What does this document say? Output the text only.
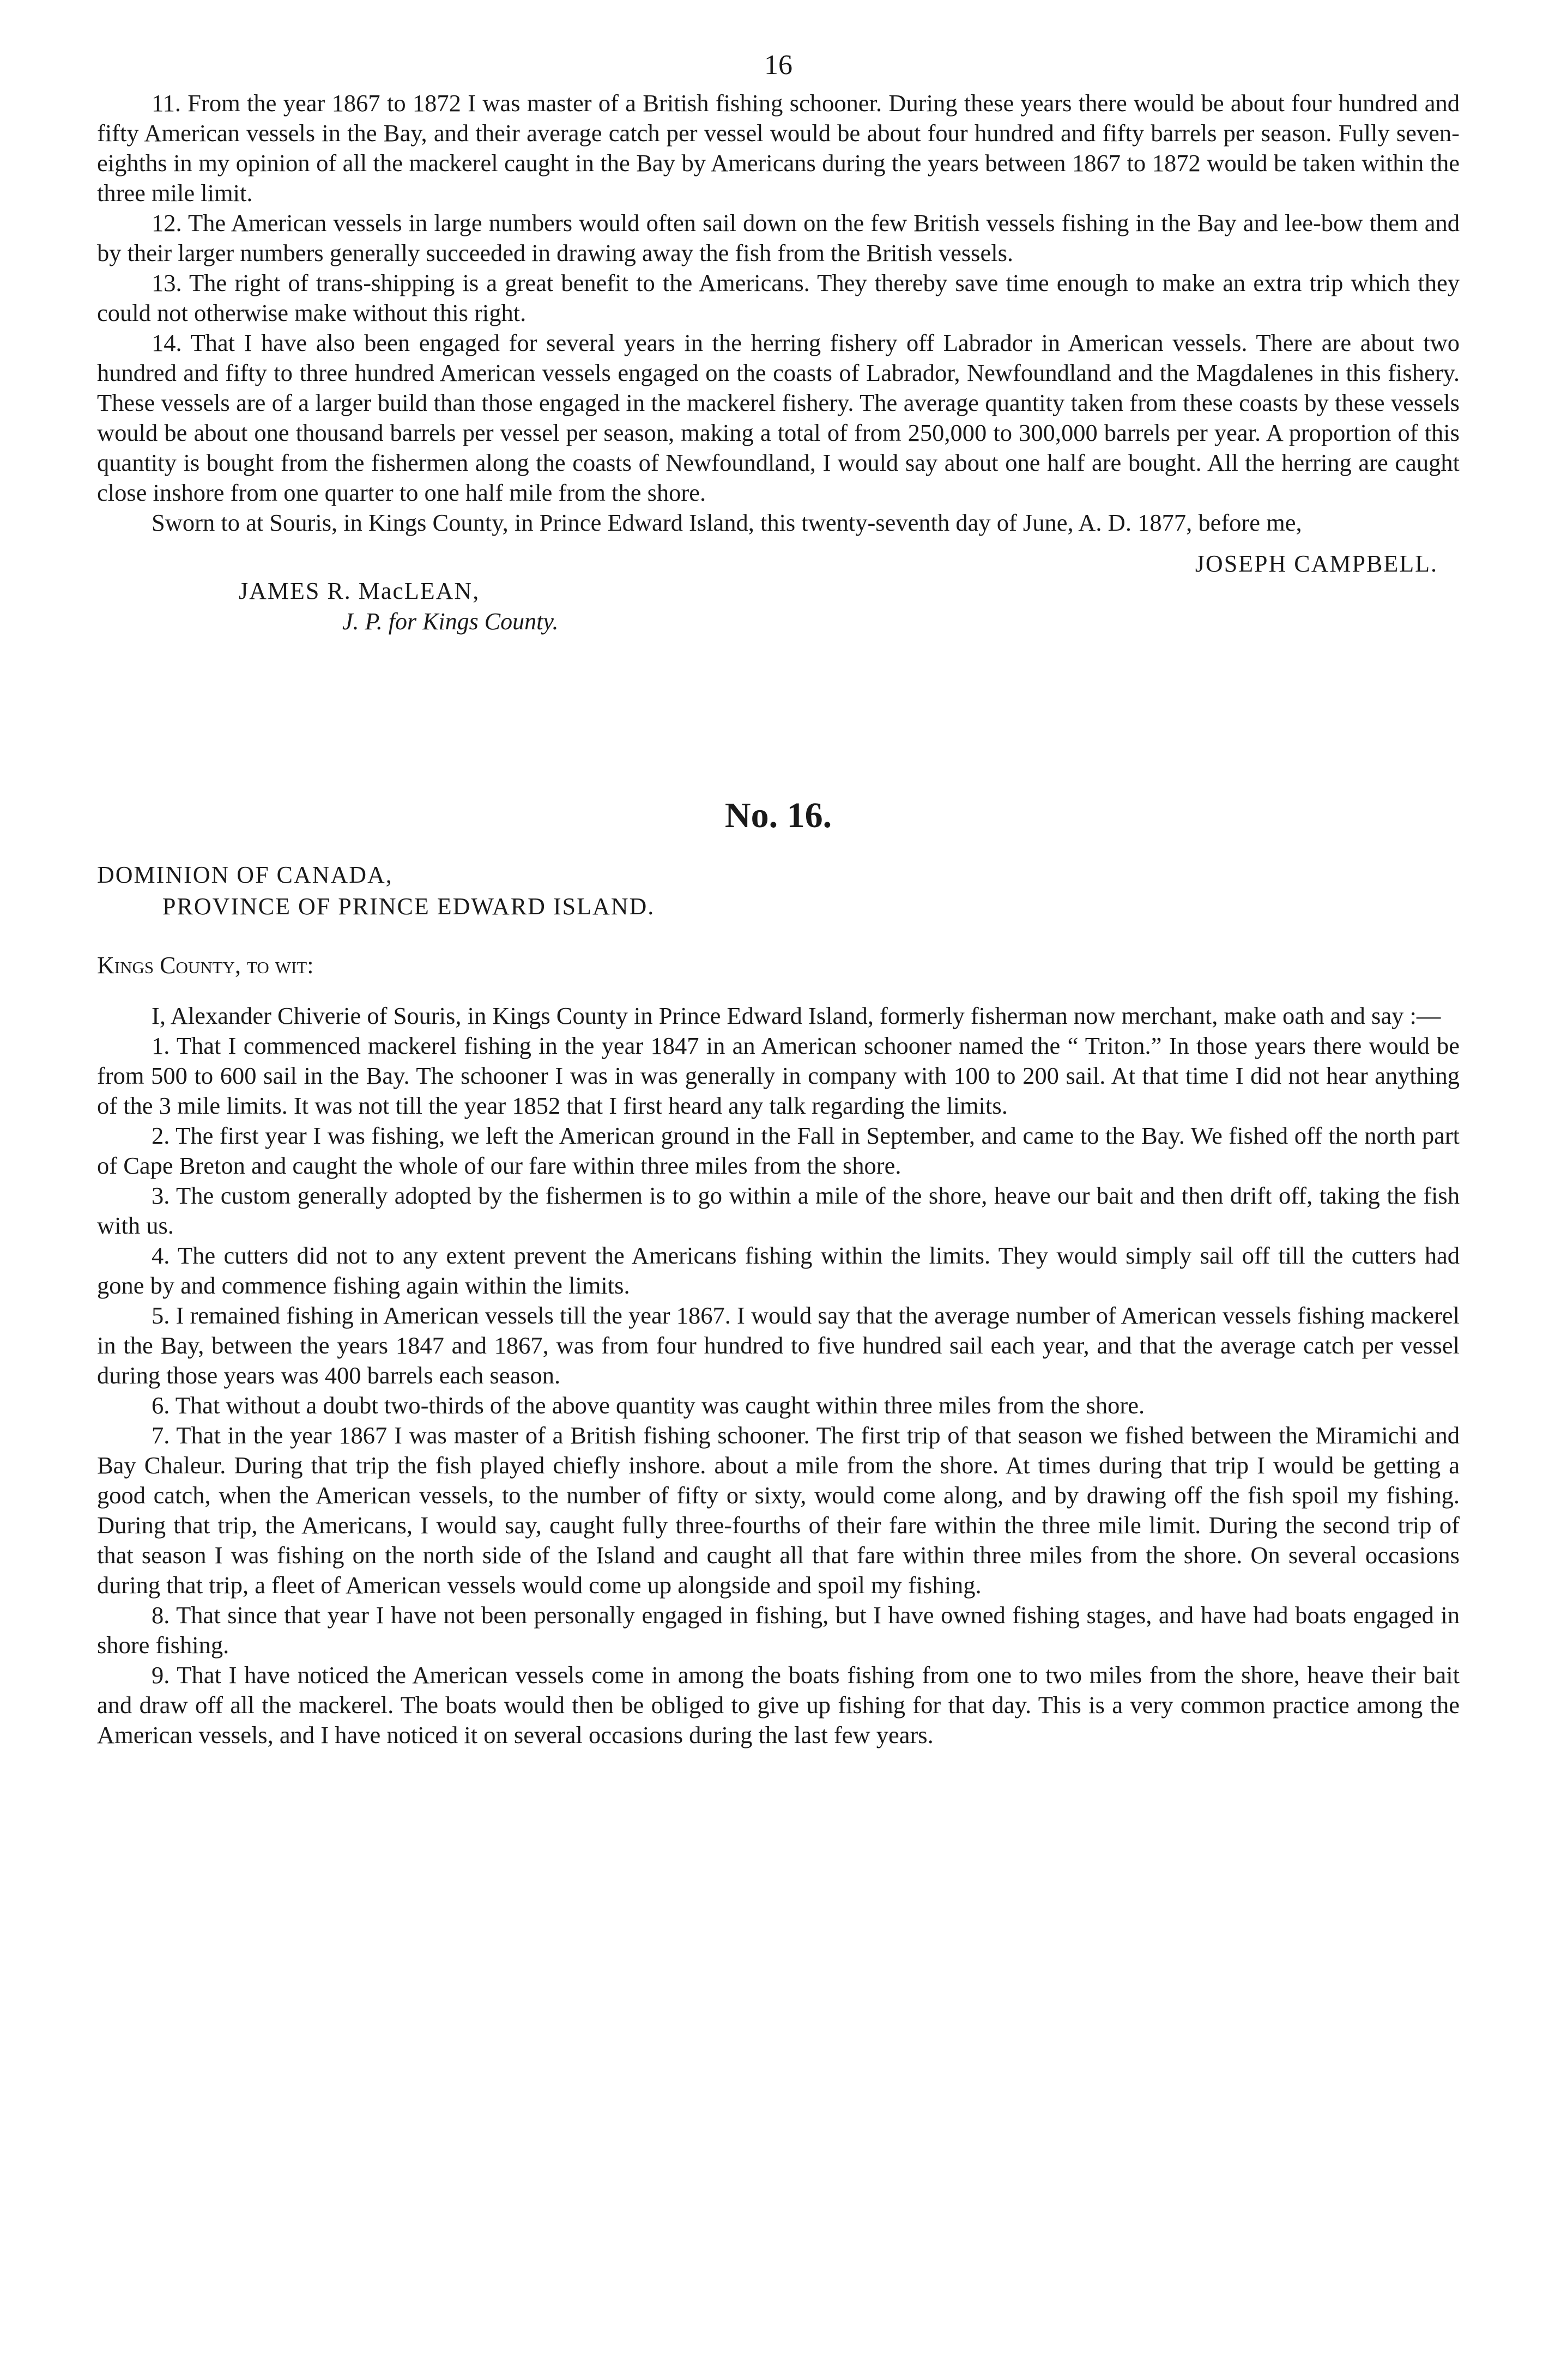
16

11. From the year 1867 to 1872 I was master of a British fishing schooner. During these years there would be about four hundred and fifty American vessels in the Bay, and their average catch per vessel would be about four hundred and fifty barrels per season. Fully seven-eighths in my opinion of all the mackerel caught in the Bay by Americans during the years between 1867 to 1872 would be taken within the three mile limit.

12. The American vessels in large numbers would often sail down on the few British vessels fishing in the Bay and lee-bow them and by their larger numbers generally succeeded in drawing away the fish from the British vessels.

13. The right of trans-shipping is a great benefit to the Americans. They thereby save time enough to make an extra trip which they could not otherwise make without this right.

14. That I have also been engaged for several years in the herring fishery off Labrador in American vessels. There are about two hundred and fifty to three hundred American vessels engaged on the coasts of Labrador, Newfoundland and the Magdalenes in this fishery. These vessels are of a larger build than those engaged in the mackerel fishery. The average quantity taken from these coasts by these vessels would be about one thousand barrels per vessel per season, making a total of from 250,000 to 300,000 barrels per year. A proportion of this quantity is bought from the fishermen along the coasts of Newfoundland, I would say about one half are bought. All the herring are caught close inshore from one quarter to one half mile from the shore.

Sworn to at Souris, in Kings County, in Prince Edward Island, this twenty-seventh day of June, A. D. 1877, before me,

JOSEPH CAMPBELL.
JAMES R. MacLEAN,
J. P. for Kings County.
No. 16.
DOMINION OF CANADA,
PROVINCE OF PRINCE EDWARD ISLAND.
Kings County, to wit:

I, Alexander Chiverie of Souris, in Kings County in Prince Edward Island, formerly fisherman now merchant, make oath and say :—

1. That I commenced mackerel fishing in the year 1847 in an American schooner named the “ Triton.” In those years there would be from 500 to 600 sail in the Bay. The schooner I was in was generally in company with 100 to 200 sail. At that time I did not hear anything of the 3 mile limits. It was not till the year 1852 that I first heard any talk regarding the limits.

2. The first year I was fishing, we left the American ground in the Fall in September, and came to the Bay. We fished off the north part of Cape Breton and caught the whole of our fare within three miles from the shore.

3. The custom generally adopted by the fishermen is to go within a mile of the shore, heave our bait and then drift off, taking the fish with us.

4. The cutters did not to any extent prevent the Americans fishing within the limits. They would simply sail off till the cutters had gone by and commence fishing again within the limits.

5. I remained fishing in American vessels till the year 1867. I would say that the average number of American vessels fishing mackerel in the Bay, between the years 1847 and 1867, was from four hundred to five hundred sail each year, and that the average catch per vessel during those years was 400 barrels each season.

6. That without a doubt two-thirds of the above quantity was caught within three miles from the shore.

7. That in the year 1867 I was master of a British fishing schooner. The first trip of that season we fished between the Miramichi and Bay Chaleur. During that trip the fish played chiefly inshore. about a mile from the shore. At times during that trip I would be getting a good catch, when the American vessels, to the number of fifty or sixty, would come along, and by drawing off the fish spoil my fishing. During that trip, the Americans, I would say, caught fully three-fourths of their fare within the three mile limit. During the second trip of that season I was fishing on the north side of the Island and caught all that fare within three miles from the shore. On several occasions during that trip, a fleet of American vessels would come up alongside and spoil my fishing.

8. That since that year I have not been personally engaged in fishing, but I have owned fishing stages, and have had boats engaged in shore fishing.

9. That I have noticed the American vessels come in among the boats fishing from one to two miles from the shore, heave their bait and draw off all the mackerel. The boats would then be obliged to give up fishing for that day. This is a very common practice among the American vessels, and I have noticed it on several occasions during the last few years.
